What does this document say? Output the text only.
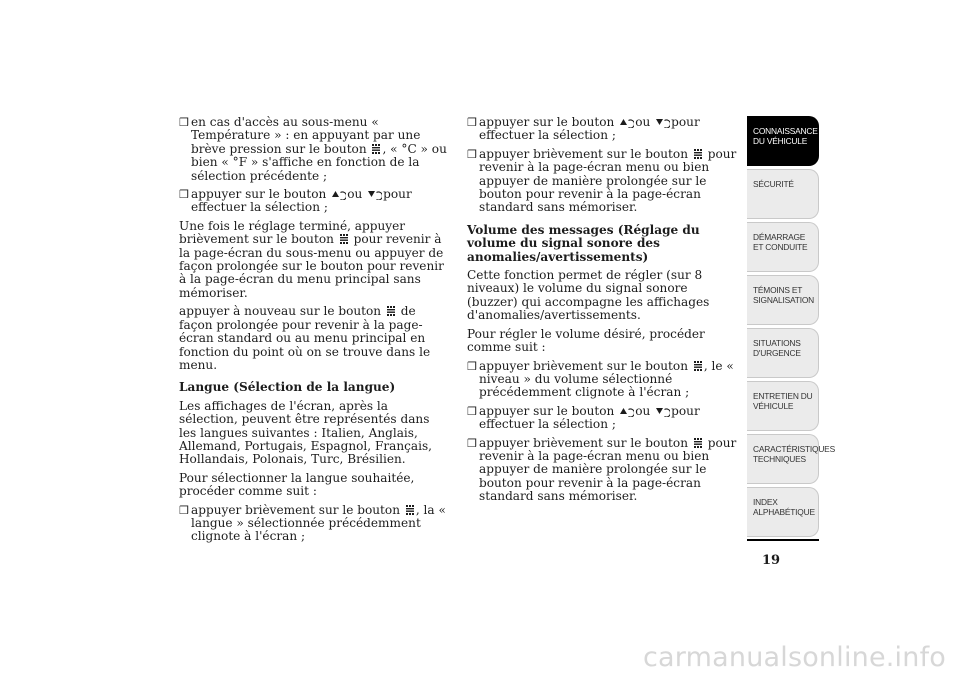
❒ en cas d'accès au sous-menu « Température » : en appuyant par une brève pression sur le bouton , « °C » ou bien « °F » s'affiche en fonction de la sélection précédente ;
❒ appuyer sur le bouton ou pour effectuer la sélection ;

Une fois le réglage terminé, appuyer brièvement sur le bouton pour revenir à la page-écran du sous-menu ou appuyer de façon prolongée sur le bouton pour revenir à la page-écran du menu principal sans mémoriser.

appuyer à nouveau sur le bouton de façon prolongée pour revenir à la page-écran standard ou au menu principal en fonction du point où on se trouve dans le menu.

Langue (Sélection de la langue)

Les affichages de l'écran, après la sélection, peuvent être représentés dans les langues suivantes : Italien, Anglais, Allemand, Portugais, Espagnol, Français, Hollandais, Polonais, Turc, Brésilien.

Pour sélectionner la langue souhaitée, procéder comme suit :

❒ appuyer brièvement sur le bouton , la « langue » sélectionnée précédemment clignote à l'écran ;
❒ appuyer sur le bouton ou pour effectuer la sélection ;
❒ appuyer brièvement sur le bouton pour revenir à la page-écran menu ou bien appuyer de manière prolongée sur le bouton pour revenir à la page-écran standard sans mémoriser.

Volume des messages (Réglage du volume du signal sonore des anomalies/avertissements)

Cette fonction permet de régler (sur 8 niveaux) le volume du signal sonore (buzzer) qui accompagne les affichages d'anomalies/avertissements.

Pour régler le volume désiré, procéder comme suit :

❒ appuyer brièvement sur le bouton , le « niveau » du volume sélectionné précédemment clignote à l'écran ;
❒ appuyer sur le bouton ou pour effectuer la sélection ;
❒ appuyer brièvement sur le bouton pour revenir à la page-écran menu ou bien appuyer de manière prolongée sur le bouton pour revenir à la page-écran standard sans mémoriser.
CONNAISSANCE DU VÉHICULE
SÉCURITÉ
DÉMARRAGE ET CONDUITE
TÉMOINS ET SIGNALISATION
SITUATIONS D'URGENCE
ENTRETIEN DU VÉHICULE
CARACTÉRISTIQUES TECHNIQUES
INDEX ALPHABÉTIQUE
19
carmanualsonline.info
